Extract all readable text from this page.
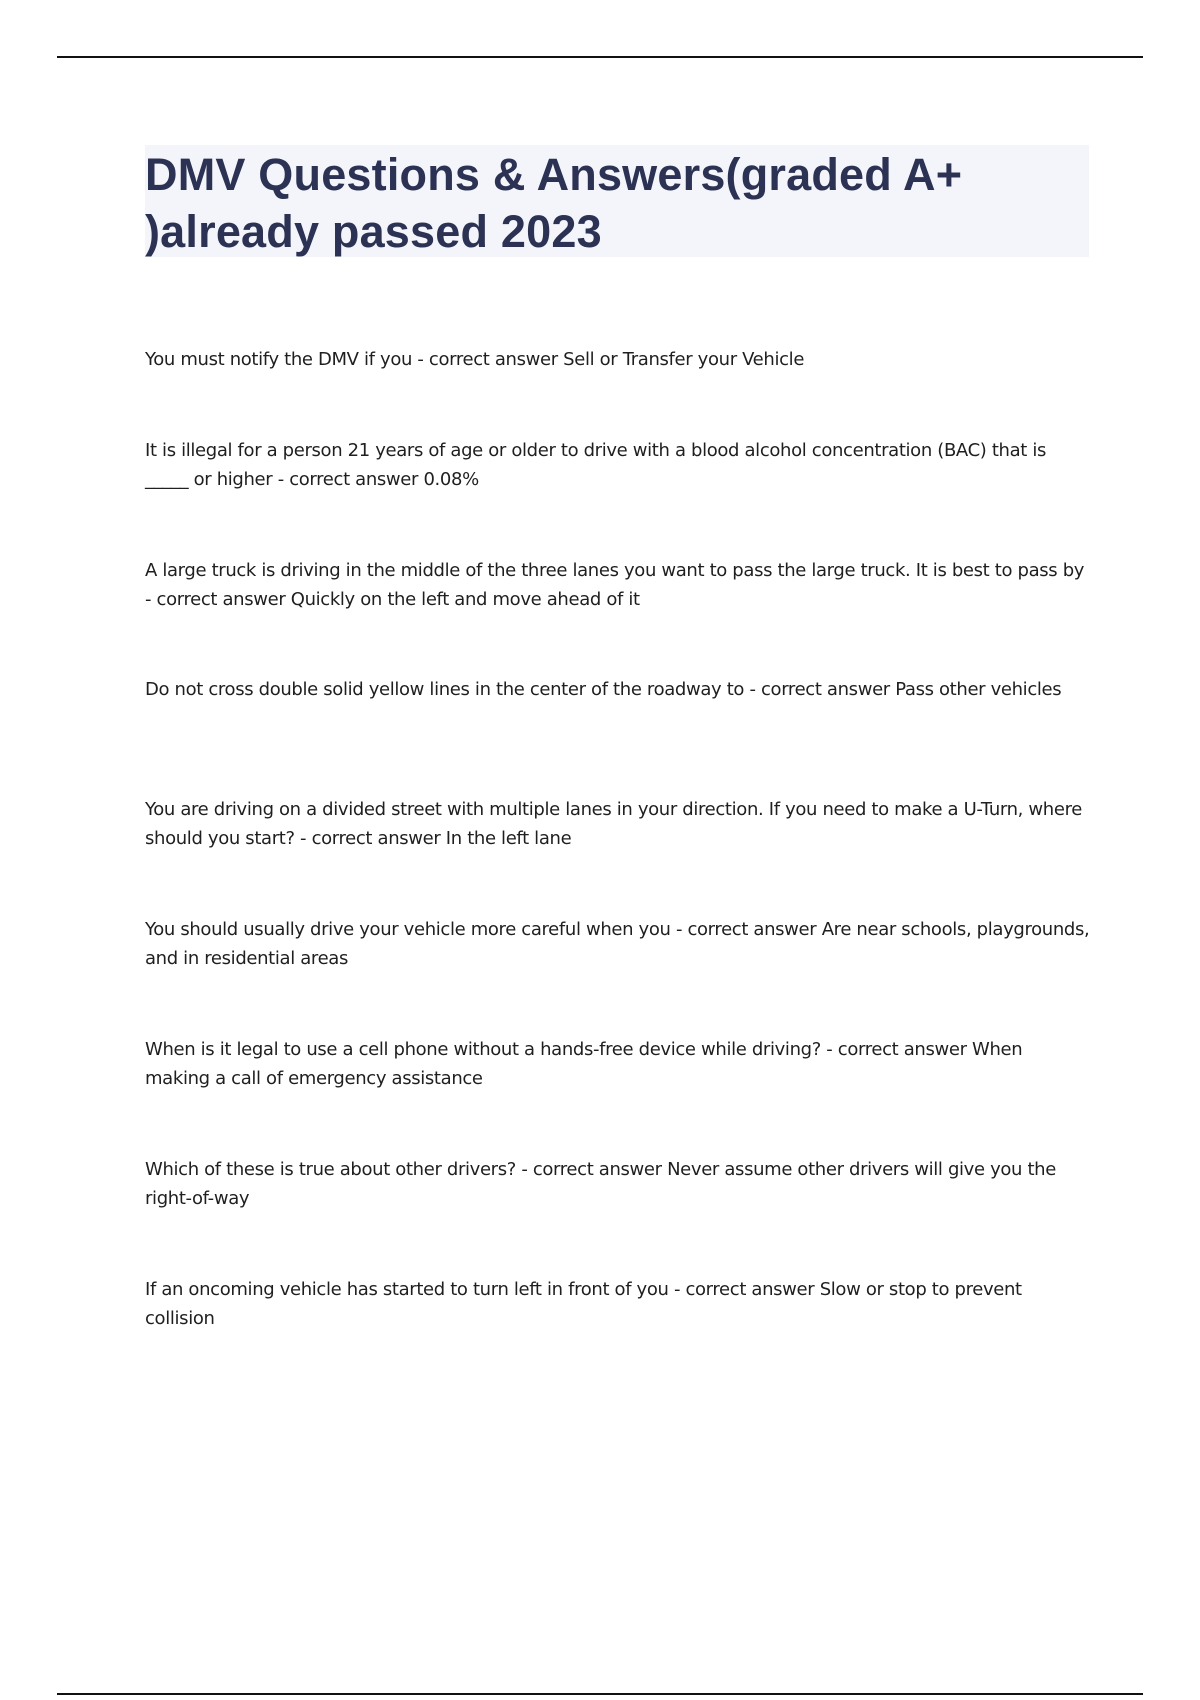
DMV Questions & Answers(graded A+ )already passed 2023

You must notify the DMV if you - correct answer Sell or Transfer your Vehicle

It is illegal for a person 21 years of age or older to drive with a blood alcohol concentration (BAC) that is _____ or higher - correct answer 0.08%

A large truck is driving in the middle of the three lanes you want to pass the large truck. It is best to pass by - correct answer Quickly on the left and move ahead of it

Do not cross double solid yellow lines in the center of the roadway to - correct answer Pass other vehicles

You are driving on a divided street with multiple lanes in your direction. If you need to make a U-Turn, where should you start? - correct answer In the left lane

You should usually drive your vehicle more careful when you - correct answer Are near schools, playgrounds, and in residential areas

When is it legal to use a cell phone without a hands-free device while driving? - correct answer When making a call of emergency assistance

Which of these is true about other drivers? - correct answer Never assume other drivers will give you the right-of-way

If an oncoming vehicle has started to turn left in front of you - correct answer Slow or stop to prevent collision
